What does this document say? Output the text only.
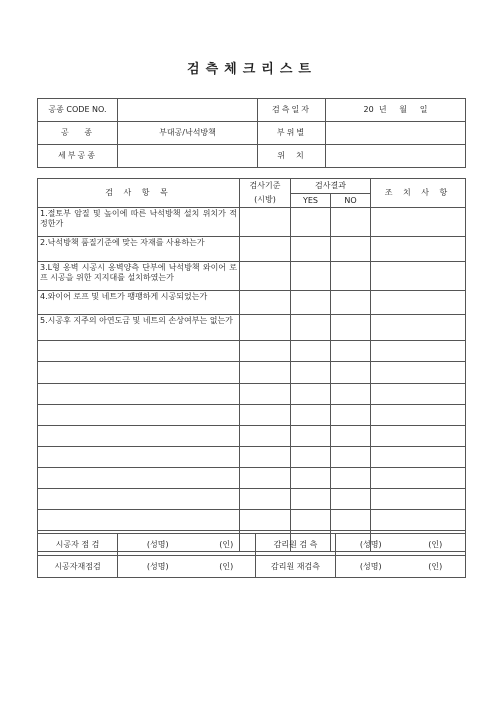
검측체크리스트
공종 CODE NO.		검측일자	20  년     월     일
공   종	부대공/낙석방책	부위별	
세부공종		위  치	
검 사 항 목	검사기준	검사결과		조 치 사 항
	(시방)	YES	NO	
1.절토부 암질 및 높이에 따른 낙석방책 설치 위치가 적정한가				
2.낙석방책 품질기준에 맞는 자재를 사용하는가				
3.L형 옹벽 시공시 옹벽양측 단부에 낙석방책 와이어 로프 시공을 위한 지지대를 설치하였는가				
4.와이어 로프 및 네트가 팽팽하게 시공되었는가				
5.시공후 지주의 아연도금 및 네트의 손상여부는 없는가				

시공자 점 검	(성명)	(인)	감리원 검 측	(성명)	(인)
시공자재점검	(성명)	(인)	감리원 재검측	(성명)	(인)
